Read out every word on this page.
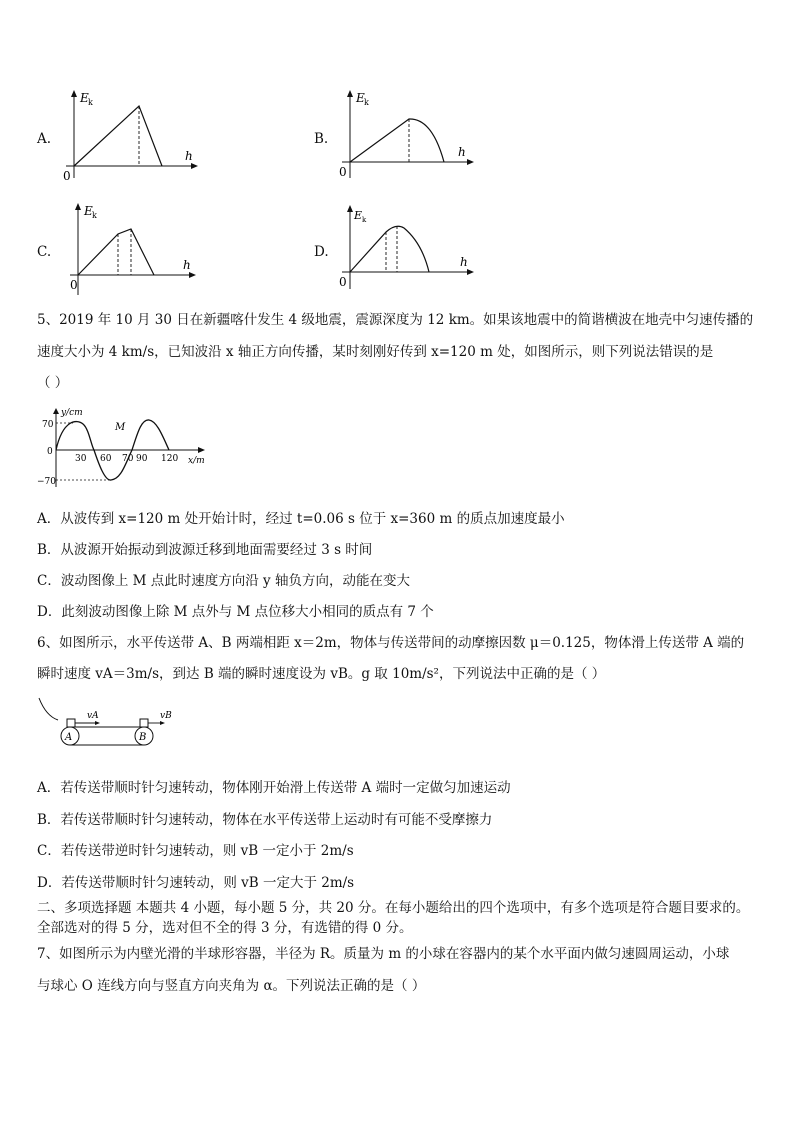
A.
E k
h
0
B.
E k
h
0
C.
E k
h
0
D.
E k
h
0
5、2019 年 10 月 30 日在新疆喀什发生 4 级地震，震源深度为 12 km。如果该地震中的简谐横波在地壳中匀速传播的
速度大小为 4 km/s，已知波沿 x 轴正方向传播，某时刻刚好传到 x=120 m 处，如图所示，则下列说法错误的是
（ ）
y/cm
x/m
70
−70
0
30 60 70 90 120
M
A．从波传到 x=120 m 处开始计时，经过 t=0.06 s 位于 x=360 m 的质点加速度最小
B．从波源开始振动到波源迁移到地面需要经过 3 s 时间
C．波动图像上 M 点此时速度方向沿 y 轴负方向，动能在变大
D．此刻波动图像上除 M 点外与 M 点位移大小相同的质点有 7 个
6、如图所示，水平传送带 A、B 两端相距 x＝2m，物体与传送带间的动摩擦因数 μ＝0.125，物体滑上传送带 A 端的
瞬时速度 vA＝3m/s，到达 B 端的瞬时速度设为 vB。g 取 10m/s²，下列说法中正确的是（ ）
A	B
vA	vB
A．若传送带顺时针匀速转动，物体刚开始滑上传送带 A 端时一定做匀加速运动
B．若传送带顺时针匀速转动，物体在水平传送带上运动时有可能不受摩擦力
C．若传送带逆时针匀速转动，则 vB 一定小于 2m/s
D．若传送带顺时针匀速转动，则 vB 一定大于 2m/s
二、多项选择题 本题共 4 小题，每小题 5 分，共 20 分。在每小题给出的四个选项中，有多个选项是符合题目要求的。
全部选对的得 5 分，选对但不全的得 3 分，有选错的得 0 分。
7、如图所示为内壁光滑的半球形容器，半径为 R。质量为 m 的小球在容器内的某个水平面内做匀速圆周运动，小球
与球心 O 连线方向与竖直方向夹角为 α。下列说法正确的是（ ）
